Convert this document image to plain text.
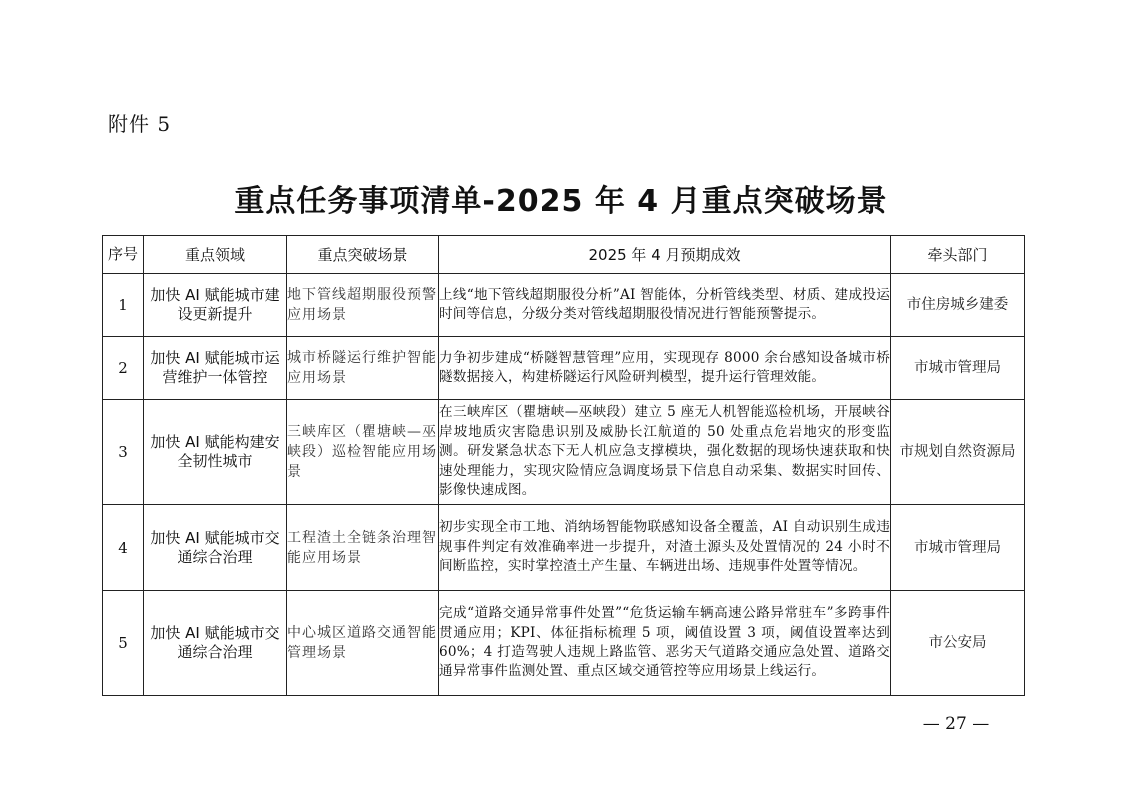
附件 5
重点任务事项清单-2025 年 4 月重点突破场景
序号	重点领域	重点突破场景	2025 年 4 月预期成效	牵头部门
1	加快 AI 赋能城市建设更新提升	地下管线超期服役预警应用场景	上线“地下管线超期服役分析”AI 智能体，分析管线类型、材质、建成投运时间等信息，分级分类对管线超期服役情况进行智能预警提示。	市住房城乡建委
2	加快 AI 赋能城市运营维护一体管控	城市桥隧运行维护智能应用场景	力争初步建成“桥隧智慧管理”应用，实现现存 8000 余台感知设备城市桥隧数据接入，构建桥隧运行风险研判模型，提升运行管理效能。	市城市管理局
3	加快 AI 赋能构建安全韧性城市	三峡库区（瞿塘峡—巫峡段）巡检智能应用场景	在三峡库区（瞿塘峡—巫峡段）建立 5 座无人机智能巡检机场，开展峡谷岸坡地质灾害隐患识别及威胁长江航道的 50 处重点危岩地灾的形变监测。研发紧急状态下无人机应急支撑模块，强化数据的现场快速获取和快速处理能力，实现灾险情应急调度场景下信息自动采集、数据实时回传、影像快速成图。	市规划自然资源局
4	加快 AI 赋能城市交通综合治理	工程渣土全链条治理智能应用场景	初步实现全市工地、消纳场智能物联感知设备全覆盖，AI 自动识别生成违规事件判定有效准确率进一步提升，对渣土源头及处置情况的 24 小时不间断监控，实时掌控渣土产生量、车辆进出场、违规事件处置等情况。	市城市管理局
5	加快 AI 赋能城市交通综合治理	中心城区道路交通智能管理场景	完成“道路交通异常事件处置”“危货运输车辆高速公路异常驻车”多跨事件贯通应用；KPI、体征指标梳理 5 项，阈值设置 3 项，阈值设置率达到 60%；4 打造驾驶人违规上路监管、恶劣天气道路交通应急处置、道路交通异常事件监测处置、重点区域交通管控等应用场景上线运行。	市公安局
— 27 —
